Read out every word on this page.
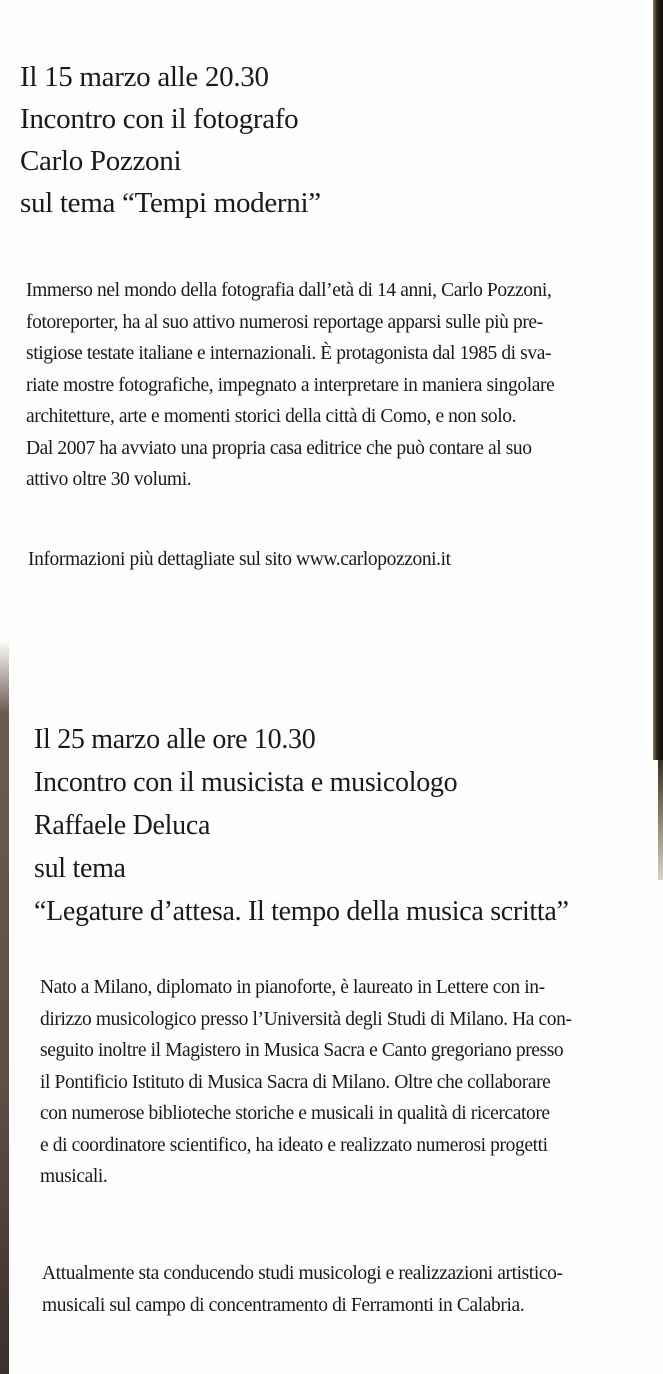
Il 15 marzo alle 20.30
Incontro con il fotografo
Carlo Pozzoni
sul tema “Tempi moderni”
Immerso nel mondo della fotografia dall’età di 14 anni, Carlo Pozzoni,
fotoreporter, ha al suo attivo numerosi reportage apparsi sulle più pre-
stigiose testate italiane e internazionali. È protagonista dal 1985 di sva-
riate mostre fotografiche, impegnato a interpretare in maniera singolare
architetture, arte e momenti storici della città di Como, e non solo.
Dal 2007 ha avviato una propria casa editrice che può contare al suo
attivo oltre 30 volumi.
Informazioni più dettagliate sul sito www.carlopozzoni.it
Il 25 marzo alle ore 10.30
Incontro con il musicista e musicologo
Raffaele Deluca
sul tema
“Legature d’attesa. Il tempo della musica scritta”
Nato a Milano, diplomato in pianoforte, è laureato in Lettere con in-
dirizzo musicologico presso l’Università degli Studi di Milano. Ha con-
seguito inoltre il Magistero in Musica Sacra e Canto gregoriano presso
il Pontificio Istituto di Musica Sacra di Milano. Oltre che collaborare
con numerose biblioteche storiche e musicali in qualità di ricercatore
e di coordinatore scientifico, ha ideato e realizzato numerosi progetti
musicali.
Attualmente sta conducendo studi musicologi e realizzazioni artistico-
musicali sul campo di concentramento di Ferramonti in Calabria.
